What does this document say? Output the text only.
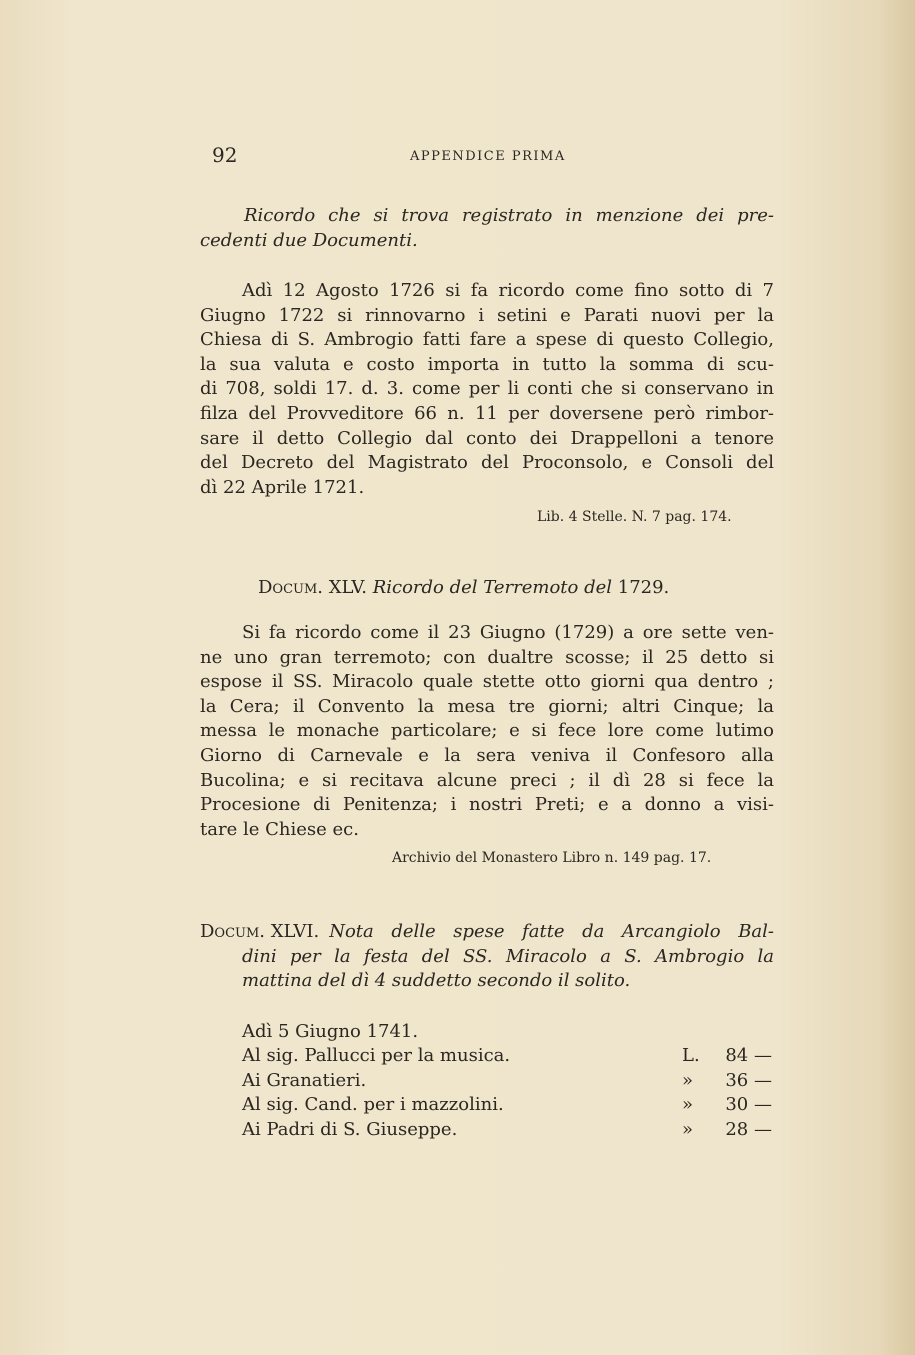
92	APPENDICE PRIMA
Ricordo che si trova registrato in menzione dei pre-
cedenti due Documenti.
Adì 12 Agosto 1726 si fa ricordo come fino sotto di 7
Giugno 1722 si rinnovarno i setini e Parati nuovi per la
Chiesa di S. Ambrogio fatti fare a spese di questo Collegio,
la sua valuta e costo importa in tutto la somma di scu-
di 708, soldi 17. d. 3. come per li conti che si conservano in
filza del Provveditore 66 n. 11 per doversene però rimbor-
sare il detto Collegio dal conto dei Drappelloni a tenore
del Decreto del Magistrato del Proconsolo, e Consoli del
dì 22 Aprile 1721.
Lib. 4 Stelle. N. 7 pag. 174.
Docum. XLV. Ricordo del Terremoto del 1729.
Si fa ricordo come il 23 Giugno (1729) a ore sette ven-
ne uno gran terremoto; con dualtre scosse; il 25 detto si
espose il SS. Miracolo quale stette otto giorni qua dentro ;
la Cera; il Convento la mesa tre giorni; altri Cinque; la
messa le monache particolare; e si fece lore come lutimo
Giorno di Carnevale e la sera veniva il Confesoro alla
Bucolina; e si recitava alcune preci ; il dì 28 si fece la
Procesione di Penitenza; i nostri Preti; e a donno a visi-
tare le Chiese ec.
Archivio del Monastero Libro n. 149 pag. 17.
Docum. XLVI. Nota delle spese fatte da Arcangiolo Bal-
dini per la festa del SS. Miracolo a S. Ambrogio la
mattina del dì 4 suddetto secondo il solito.
Adì 5 Giugno 1741.
Al sig. Pallucci per la musica.	L. 84 —
Ai Granatieri.	» 36 —
Al sig. Cand. per i mazzolini.	» 30 —
Ai Padri di S. Giuseppe.	» 28 —
